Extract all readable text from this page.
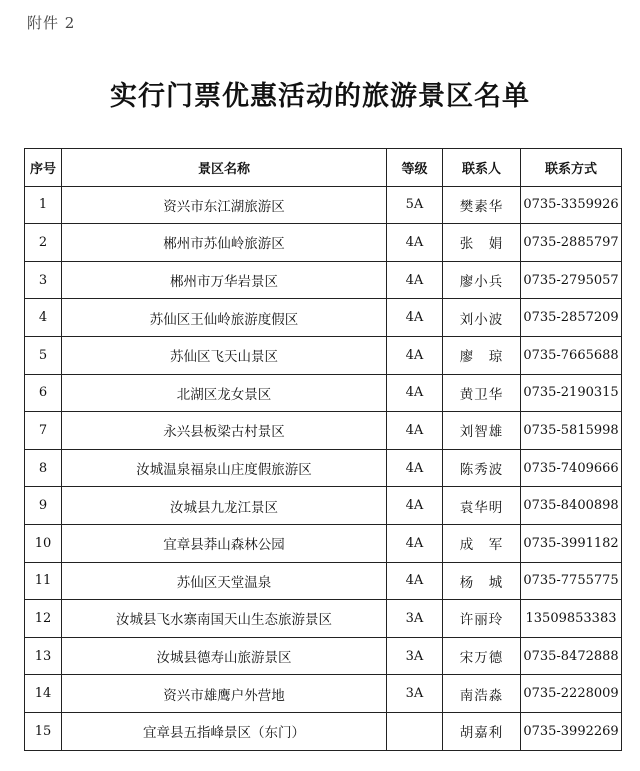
附件 2
实行门票优惠活动的旅游景区名单
序号	景区名称	等级	联系人	联系方式
1	资兴市东江湖旅游区	5A	樊素华	0735-3359926
2	郴州市苏仙岭旅游区	4A	张　娟	0735-2885797
3	郴州市万华岩景区	4A	廖小兵	0735-2795057
4	苏仙区王仙岭旅游度假区	4A	刘小波	0735-2857209
5	苏仙区飞天山景区	4A	廖　琼	0735-7665688
6	北湖区龙女景区	4A	黄卫华	0735-2190315
7	永兴县板梁古村景区	4A	刘智雄	0735-5815998
8	汝城温泉福泉山庄度假旅游区	4A	陈秀波	0735-7409666
9	汝城县九龙江景区	4A	袁华明	0735-8400898
10	宜章县莽山森林公园	4A	成　军	0735-3991182
11	苏仙区天堂温泉	4A	杨　城	0735-7755775
12	汝城县飞水寨南国天山生态旅游景区	3A	许丽玲	13509853383
13	汝城县德寿山旅游景区	3A	宋万德	0735-8472888
14	资兴市雄鹰户外营地	3A	南浩淼	0735-2228009
15	宜章县五指峰景区（东门）		胡嘉利	0735-3992269
